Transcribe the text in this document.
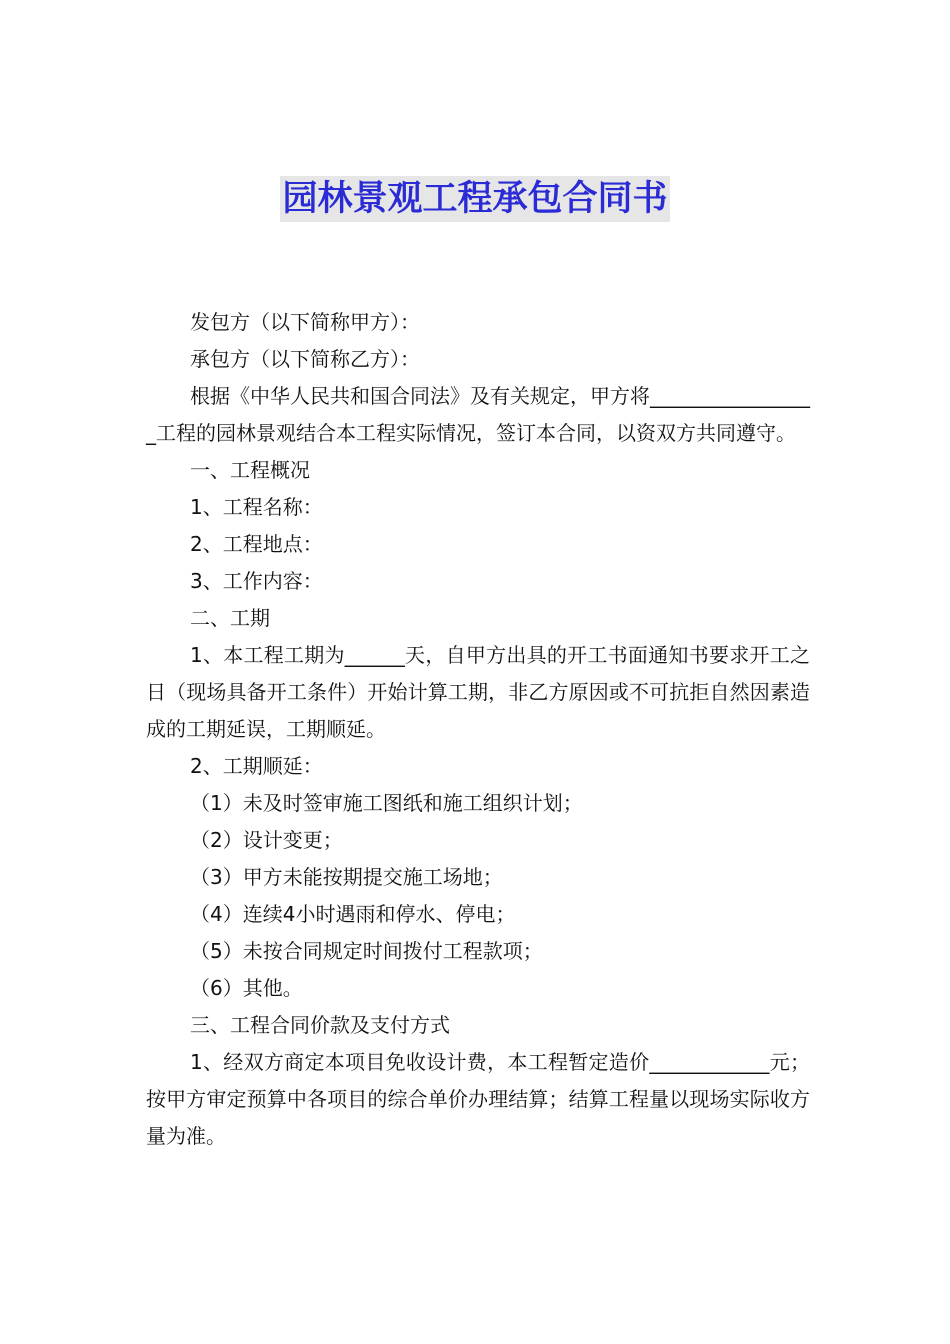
园林景观工程承包合同书

发包方（以下简称甲方）：

承包方（以下简称乙方）：

根据《中华人民共和国合同法》及有关规定，甲方将_________________工程的园林景观结合本工程实际情况，签订本合同，以资双方共同遵守。

一、工程概况

1、工程名称：

2、工程地点：

3、工作内容：

二、工期

1、本工程工期为______天，自甲方出具的开工书面通知书要求开工之日（现场具备开工条件）开始计算工期，非乙方原因或不可抗拒自然因素造成的工期延误，工期顺延。

2、工期顺延：

（1）未及时签审施工图纸和施工组织计划；

（2）设计变更；

（3）甲方未能按期提交施工场地；

（4）连续4小时遇雨和停水、停电；

（5）未按合同规定时间拨付工程款项；

（6）其他。

三、工程合同价款及支付方式

1、经双方商定本项目免收设计费，本工程暂定造价____________元；按甲方审定预算中各项目的综合单价办理结算；结算工程量以现场实际收方量为准。
